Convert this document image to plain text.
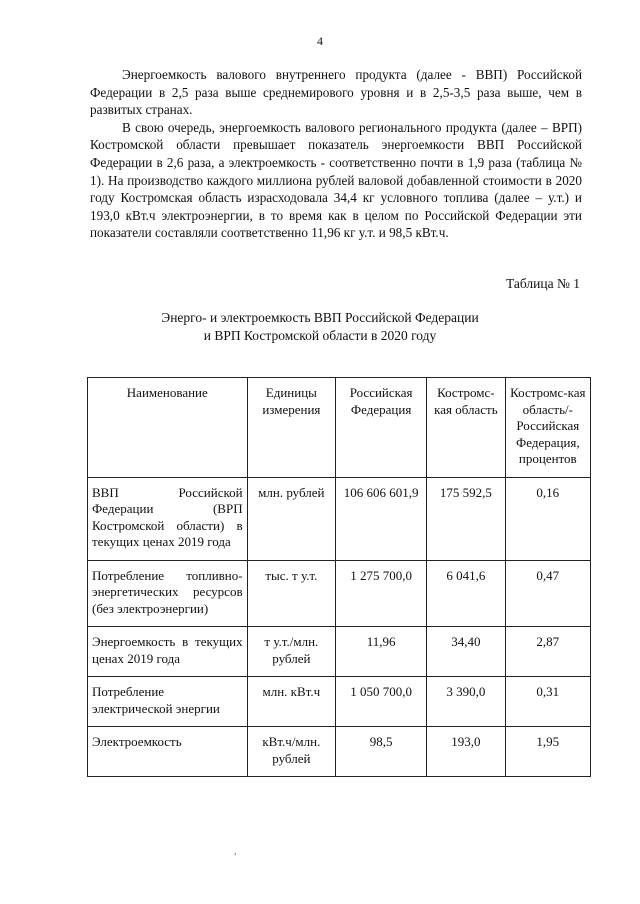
4

Энергоемкость валового внутреннего продукта (далее - ВВП) Российской Федерации в 2,5 раза выше среднемирового уровня и в 2,5-3,5 раза выше, чем в развитых странах.

В свою очередь, энергоемкость валового регионального продукта (далее – ВРП) Костромской области превышает показатель энергоемкости ВВП Российской Федерации в 2,6 раза, а электроемкость - соответственно почти в 1,9 раза (таблица № 1). На производство каждого миллиона рублей валовой добавленной стоимости в 2020 году Костромская область израсходовала 34,4 кг условного топлива (далее – у.т.) и 193,0 кВт.ч электроэнергии, в то время как в целом по Российской Федерации эти показатели составляли соответственно 11,96 кг у.т. и 98,5 кВт.ч.

Таблица № 1
Энерго- и электроемкость ВВП Российской Федерации
и ВРП Костромской области в 2020 году
Наименование	Единицы измерения	Российская Федерация	Костромс-кая область	Костромс-кая область/-Российская Федерация, процентов
ВВП Российской Федерации (ВРП Костромской области) в текущих ценах 2019 года	млн. рублей	106 606 601,9	175 592,5	0,16
Потребление топливно-энергетических ресурсов (без электроэнергии)	тыс. т у.т.	1 275 700,0	6 041,6	0,47
Энергоемкость в текущих ценах 2019 года	т у.т./млн. рублей	11,96	34,40	2,87
Потребление электрической энергии	млн. кВт.ч	1 050 700,0	3 390,0	0,31
Электроемкость	кВт.ч/млн. рублей	98,5	193,0	1,95
,
